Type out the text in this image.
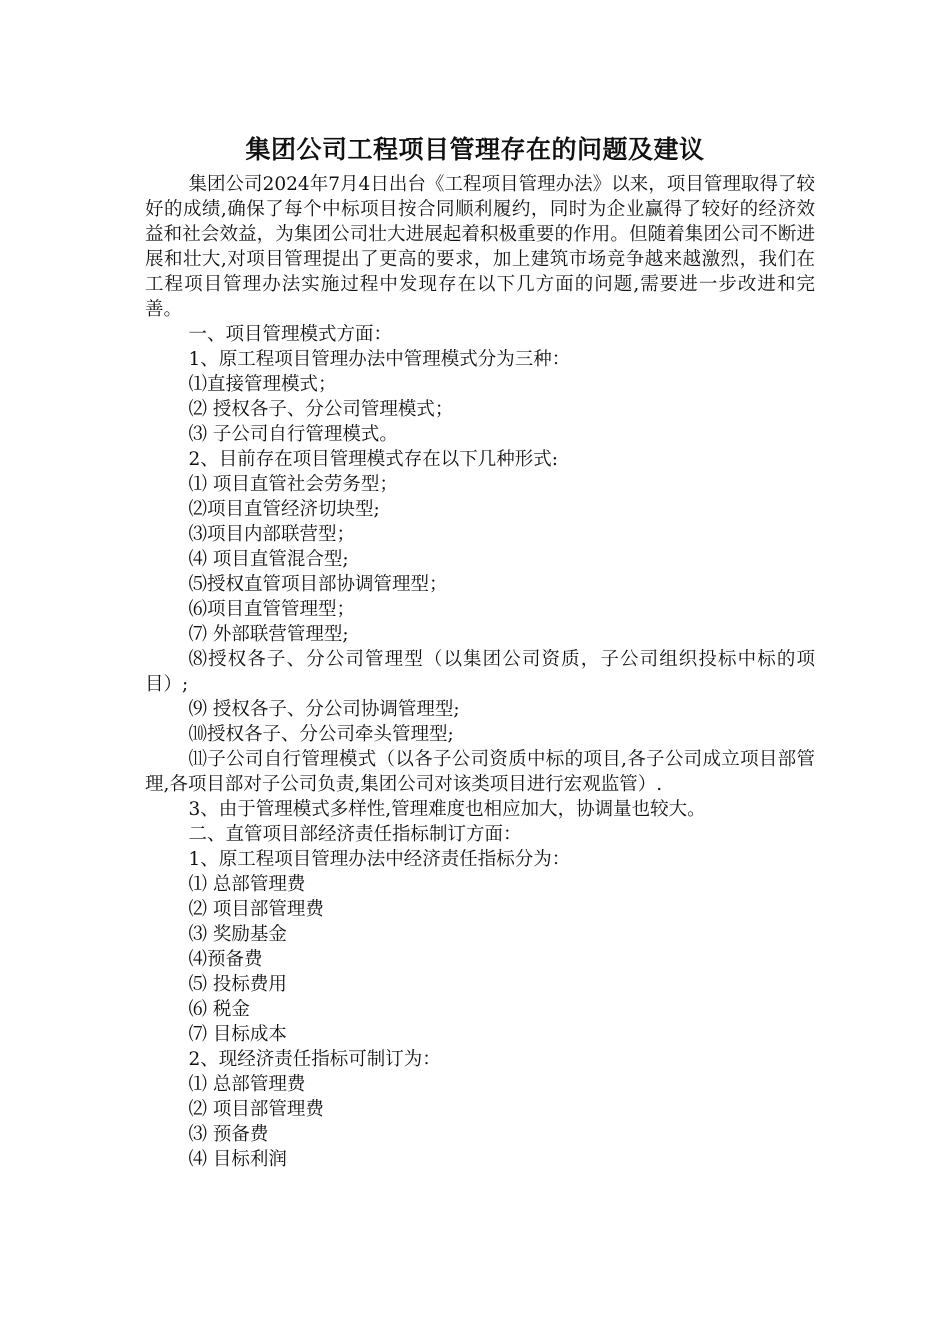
集团公司工程项目管理存在的问题及建议

集团公司2024年7月4日出台《工程项目管理办法》以来，项目管理取得了较好的成绩,确保了每个中标项目按合同顺利履约，同时为企业赢得了较好的经济效益和社会效益，为集团公司壮大进展起着积极重要的作用。但随着集团公司不断进展和壮大,对项目管理提出了更高的要求，加上建筑市场竞争越来越激烈，我们在工程项目管理办法实施过程中发现存在以下几方面的问题,需要进一步改进和完善。

一、项目管理模式方面：

1、原工程项目管理办法中管理模式分为三种：

⑴直接管理模式；

⑵ 授权各子、分公司管理模式；

⑶ 子公司自行管理模式。

2、目前存在项目管理模式存在以下几种形式:

⑴ 项目直管社会劳务型；

⑵项目直管经济切块型;

⑶项目内部联营型；

⑷ 项目直管混合型;

⑸授权直管项目部协调管理型；

⑹项目直管管理型；

⑺ 外部联营管理型;

⑻授权各子、分公司管理型（以集团公司资质，子公司组织投标中标的项目）;

⑼ 授权各子、分公司协调管理型;

⑽授权各子、分公司牵头管理型;

⑾子公司自行管理模式（以各子公司资质中标的项目,各子公司成立项目部管理,各项目部对子公司负责,集团公司对该类项目进行宏观监管）.

3、由于管理模式多样性,管理难度也相应加大，协调量也较大。

二、直管项目部经济责任指标制订方面：

1、原工程项目管理办法中经济责任指标分为：

⑴ 总部管理费

⑵ 项目部管理费

⑶ 奖励基金

⑷预备费

⑸ 投标费用

⑹ 税金

⑺ 目标成本

2、现经济责任指标可制订为：

⑴ 总部管理费

⑵ 项目部管理费

⑶ 预备费

⑷ 目标利润
